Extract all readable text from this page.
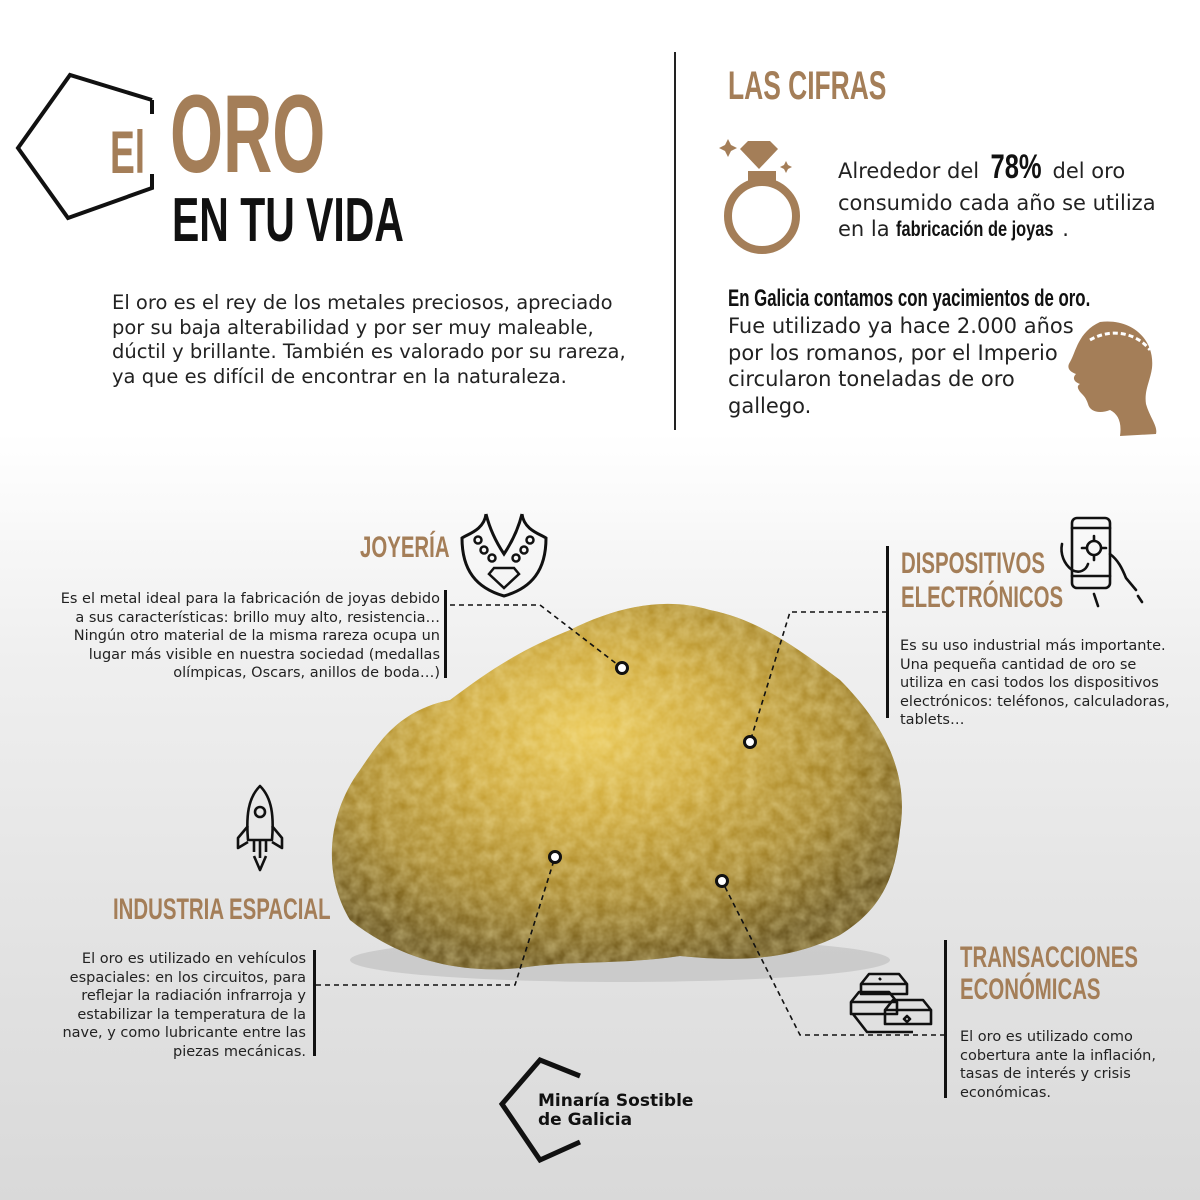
El ORO
EN TU VIDA
El oro es el rey de los metales preciosos, apreciado por su baja alterabilidad y por ser muy maleable, dúctil y brillante. También es valorado por su rareza, ya que es difícil de encontrar en la naturaleza.
LAS CIFRAS
Alrededor del 78% del oro consumido cada año se utiliza en la fabricación de joyas .
En Galicia contamos con yacimientos de oro.
Fue utilizado ya hace 2.000 años por los romanos, por el Imperio circularon toneladas de oro gallego.
JOYERÍA
Es el metal ideal para la fabricación de joyas debido a sus características: brillo muy alto, resistencia… Ningún otro material de la misma rareza ocupa un lugar más visible en nuestra sociedad (medallas olímpicas, Oscars, anillos de boda…)
DISPOSITIVOS
ELECTRÓNICOS
Es su uso industrial más importante. Una pequeña cantidad de oro se utiliza en casi todos los dispositivos electrónicos: teléfonos, calculadoras, tablets…
INDUSTRIA ESPACIAL
El oro es utilizado en vehículos espaciales: en los circuitos, para reflejar la radiación infrarroja y estabilizar la temperatura de la nave, y como lubricante entre las piezas mecánicas.
TRANSACCIONES
ECONÓMICAS
El oro es utilizado como cobertura ante la inflación, tasas de interés y crisis económicas.
Minaría Sostible
de Galicia
